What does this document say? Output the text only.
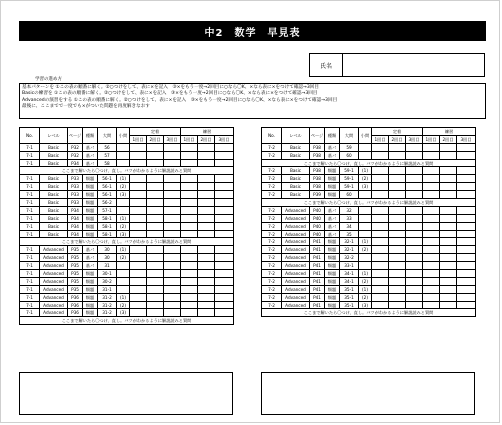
中2　数学　早見表
氏名
学習の進め方
基本パターンを ①この表の順番に解く。②○つけをして、表に×を記入　③×をもう一度→2回目に○なら〇K、×なら表に×をつけて確認→3回目
Basicの練習を ①この表の順番に解く。②○つけをして、表に×を記入　③×をもう一度→2回目に○なら〇K、×なら表に×をつけて確認→3回目
Advancedの演習をする ①この表の順番に解く。②○つけをして、表に×を記入　③×をもう一度→2回目に○なら〇K、×なら表に×をつけて確認→3回目
最後に、ここまでで一度でも×がついた問題を再度解きなおす
No.	レベル	ページ	種類	大問	小問	定着			練習		
						1回目	2回目	3回目	1回目	2回目	3回目
7-1	Basic	P32	基パ	56							
7-1	Basic	P32	基パ	57							
7-1	Basic	P34	基パ	58							
ここまで解いたら〇つけ、直し。バツがわかるように解説読みと質問											
7-1	Basic	P33	類題	56-1	(1)						
7-1	Basic	P33	類題	56-1	(2)						
7-1	Basic	P33	類題	56-1	(3)						
7-1	Basic	P33	類題	56-2							
7-1	Basic	P34	類題	57-1							
7-1	Basic	P34	類題	58-1	(1)						
7-1	Basic	P34	類題	58-1	(2)						
7-1	Basic	P34	類題	58-1	(3)						
ここまで解いたら〇つけ、直し。バツがわかるように解説読みと質問											
7-1	Advanced	P35	基パ	30	(1)						
7-1	Advanced	P35	基パ	30	(2)						
7-1	Advanced	P35	基パ	31							
7-1	Advanced	P35	類題	30-1							
7-1	Advanced	P35	類題	30-2							
7-1	Advanced	P35	類題	31-1							
7-1	Advanced	P36	類題	31-2	(1)						
7-1	Advanced	P36	類題	31-2	(2)						
7-1	Advanced	P36	類題	31-2	(3)						
ここまで解いたら〇つけ、直し。バツがわかるように解説読みと質問											
No.	レベル	ページ	種類	大問	小問	定着			練習		
						1回目	2回目	3回目	1回目	2回目	3回目
7-2	Basic	P38	基パ	59							
7-2	Basic	P38	基パ	60							
ここまで解いたら〇つけ、直し。バツがわかるように解説読みと質問											
7-2	Basic	P38	類題	59-1	(1)						
7-2	Basic	P38	類題	59-1	(2)						
7-2	Basic	P38	類題	59-1	(3)						
7-2	Basic	P39	類題	60							
ここまで解いたら〇つけ、直し。バツがわかるように解説読みと質問											
7-2	Advanced	P40	基パ	32							
7-2	Advanced	P40	基パ	33							
7-2	Advanced	P40	基パ	34							
7-2	Advanced	P40	基パ	35							
7-2	Advanced	P41	類題	32-1	(1)						
7-2	Advanced	P41	類題	32-1	(2)						
7-2	Advanced	P41	類題	32-2							
7-2	Advanced	P41	類題	33-1							
7-2	Advanced	P41	類題	34-1	(1)						
7-2	Advanced	P41	類題	34-1	(2)						
7-2	Advanced	P41	類題	35-1	(1)						
7-2	Advanced	P41	類題	35-1	(2)						
7-2	Advanced	P41	類題	35-1	(3)						
ここまで解いたら〇つけ、直し。バツがわかるように解説読みと質問											
